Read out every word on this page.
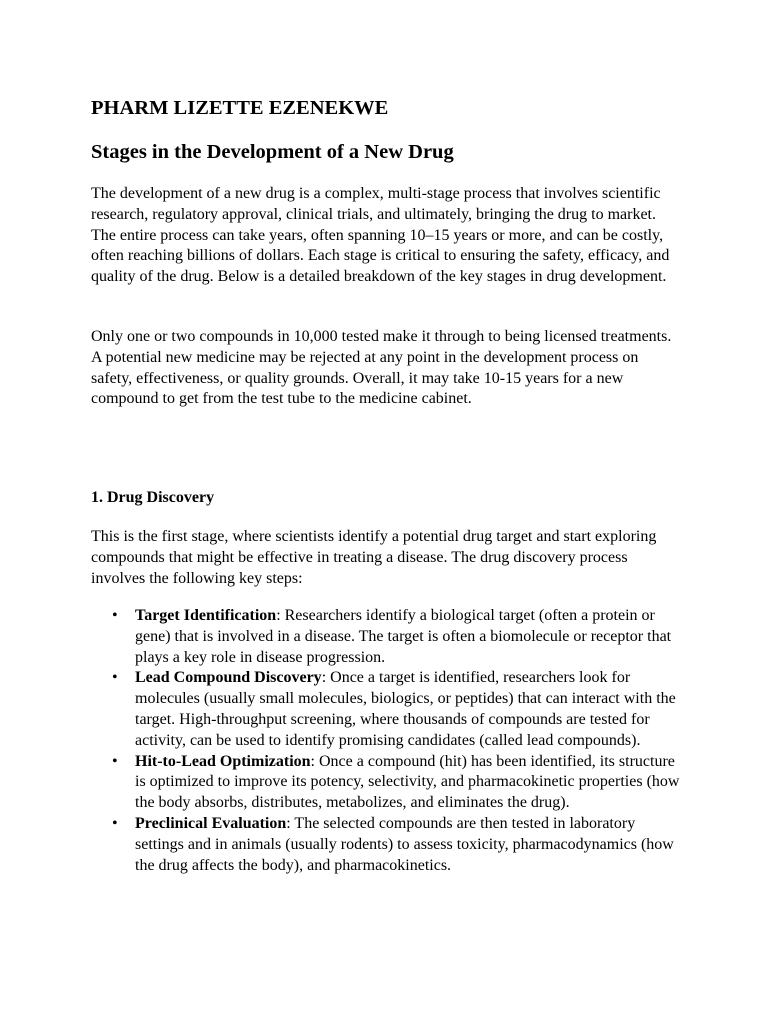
PHARM LIZETTE EZENEKWE
Stages in the Development of a New Drug

The development of a new drug is a complex, multi-stage process that involves scientific research, regulatory approval, clinical trials, and ultimately, bringing the drug to market. The entire process can take years, often spanning 10–15 years or more, and can be costly, often reaching billions of dollars. Each stage is critical to ensuring the safety, efficacy, and quality of the drug. Below is a detailed breakdown of the key stages in drug development.

Only one or two compounds in 10,000 tested make it through to being licensed treatments. A potential new medicine may be rejected at any point in the development process on safety, effectiveness, or quality grounds. Overall, it may take 10-15 years for a new compound to get from the test tube to the medicine cabinet.

1. Drug Discovery

This is the first stage, where scientists identify a potential drug target and start exploring compounds that might be effective in treating a disease. The drug discovery process involves the following key steps:

• Target Identification: Researchers identify a biological target (often a protein or gene) that is involved in a disease. The target is often a biomolecule or receptor that plays a key role in disease progression.
• Lead Compound Discovery: Once a target is identified, researchers look for molecules (usually small molecules, biologics, or peptides) that can interact with the target. High-throughput screening, where thousands of compounds are tested for activity, can be used to identify promising candidates (called lead compounds).
• Hit-to-Lead Optimization: Once a compound (hit) has been identified, its structure is optimized to improve its potency, selectivity, and pharmacokinetic properties (how the body absorbs, distributes, metabolizes, and eliminates the drug).
• Preclinical Evaluation: The selected compounds are then tested in laboratory settings and in animals (usually rodents) to assess toxicity, pharmacodynamics (how the drug affects the body), and pharmacokinetics.
